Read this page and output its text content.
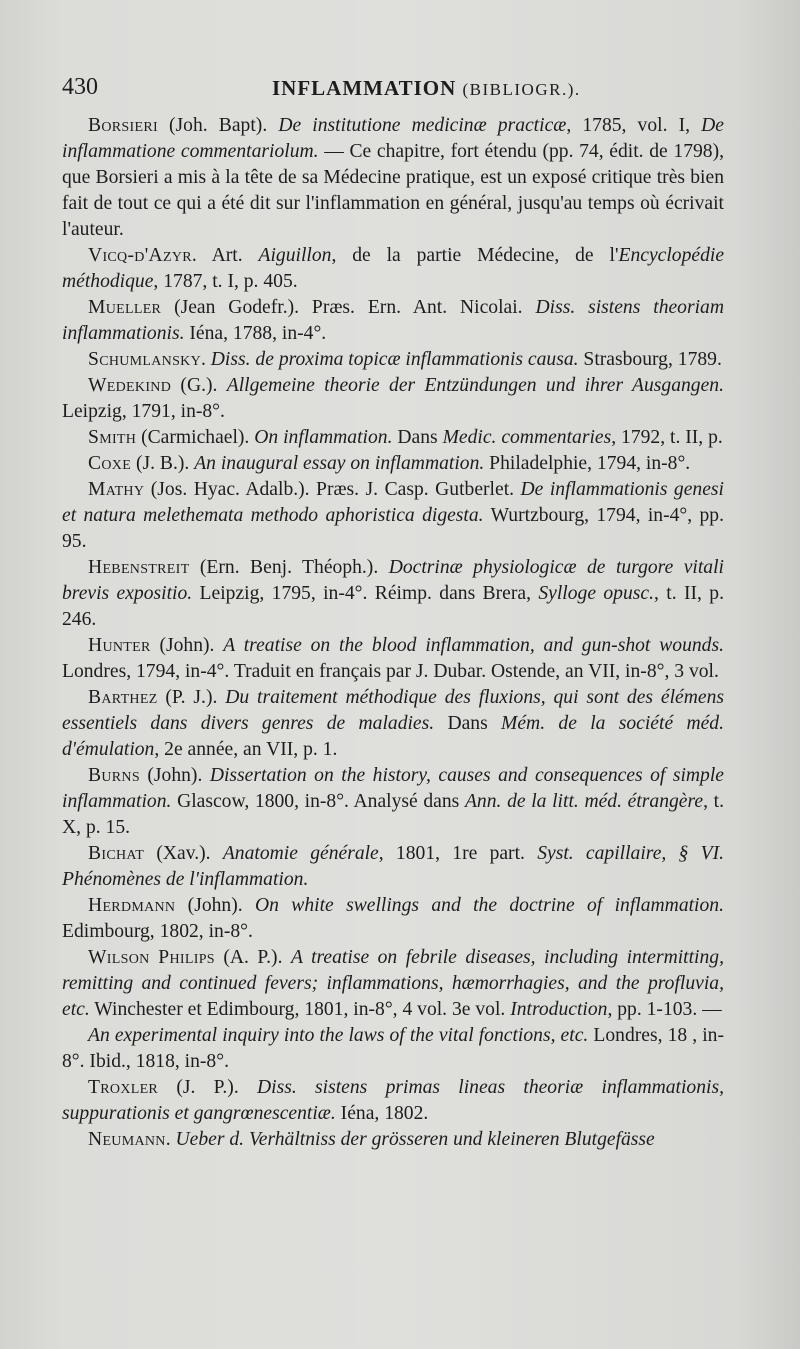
430	INFLAMMATION (BIBLIOGR.).

Borsieri (Joh. Bapt). De institutione medicinæ practicæ, 1785, vol. I, De inflammatione commentariolum. — Ce chapitre, fort étendu (pp. 74, édit. de 1798), que Borsieri a mis à la tête de sa Médecine pratique, est un exposé critique très bien fait de tout ce qui a été dit sur l'inflammation en général, jusqu'au temps où écrivait l'auteur.

Vicq-d'Azyr. Art. Aiguillon, de la partie Médecine, de l'Encyclopédie méthodique, 1787, t. I, p. 405.

Mueller (Jean Godefr.). Præs. Ern. Ant. Nicolai. Diss. sistens theoriam inflammationis. Iéna, 1788, in-4°.

Schumlansky. Diss. de proxima topicæ inflammationis causa. Strasbourg, 1789.

Wedekind (G.). Allgemeine theorie der Entzündungen und ihrer Ausgangen. Leipzig, 1791, in-8°.

Smith (Carmichael). On inflammation. Dans Medic. commentaries, 1792, t. II, p.

Coxe (J. B.). An inaugural essay on inflammation. Philadelphie, 1794, in-8°.

Mathy (Jos. Hyac. Adalb.). Præs. J. Casp. Gutberlet. De inflammationis genesi et natura melethemata methodo aphoristica digesta. Wurtzbourg, 1794, in-4°, pp. 95.

Hebenstreit (Ern. Benj. Théoph.). Doctrinæ physiologicæ de turgore vitali brevis expositio. Leipzig, 1795, in-4°. Réimp. dans Brera, Sylloge opusc., t. II, p. 246.

Hunter (John). A treatise on the blood inflammation, and gun-shot wounds. Londres, 1794, in-4°. Traduit en français par J. Dubar. Ostende, an VII, in-8°, 3 vol.

Barthez (P. J.). Du traitement méthodique des fluxions, qui sont des élémens essentiels dans divers genres de maladies. Dans Mém. de la société méd. d'émulation, 2e année, an VII, p. 1.

Burns (John). Dissertation on the history, causes and consequences of simple inflammation. Glascow, 1800, in-8°. Analysé dans Ann. de la litt. méd. étrangère, t. X, p. 15.

Bichat (Xav.). Anatomie générale, 1801, 1re part. Syst. capillaire, § VI. Phénomènes de l'inflammation.

Herdmann (John). On white swellings and the doctrine of inflammation. Edimbourg, 1802, in-8°.

Wilson Philips (A. P.). A treatise on febrile diseases, including intermitting, remitting and continued fevers; inflammations, hæmorrhagies, and the profluvia, etc. Winchester et Edimbourg, 1801, in-8°, 4 vol. 3e vol. Introduction, pp. 1-103. —

An experimental inquiry into the laws of the vital fonctions, etc. Londres, 18 , in-8°. Ibid., 1818, in-8°.

Troxler (J. P.). Diss. sistens primas lineas theoriæ inflammationis, suppurationis et gangrœnescentiæ. Iéna, 1802.

Neumann. Ueber d. Verhältniss der grösseren und kleineren Blutgefässe
